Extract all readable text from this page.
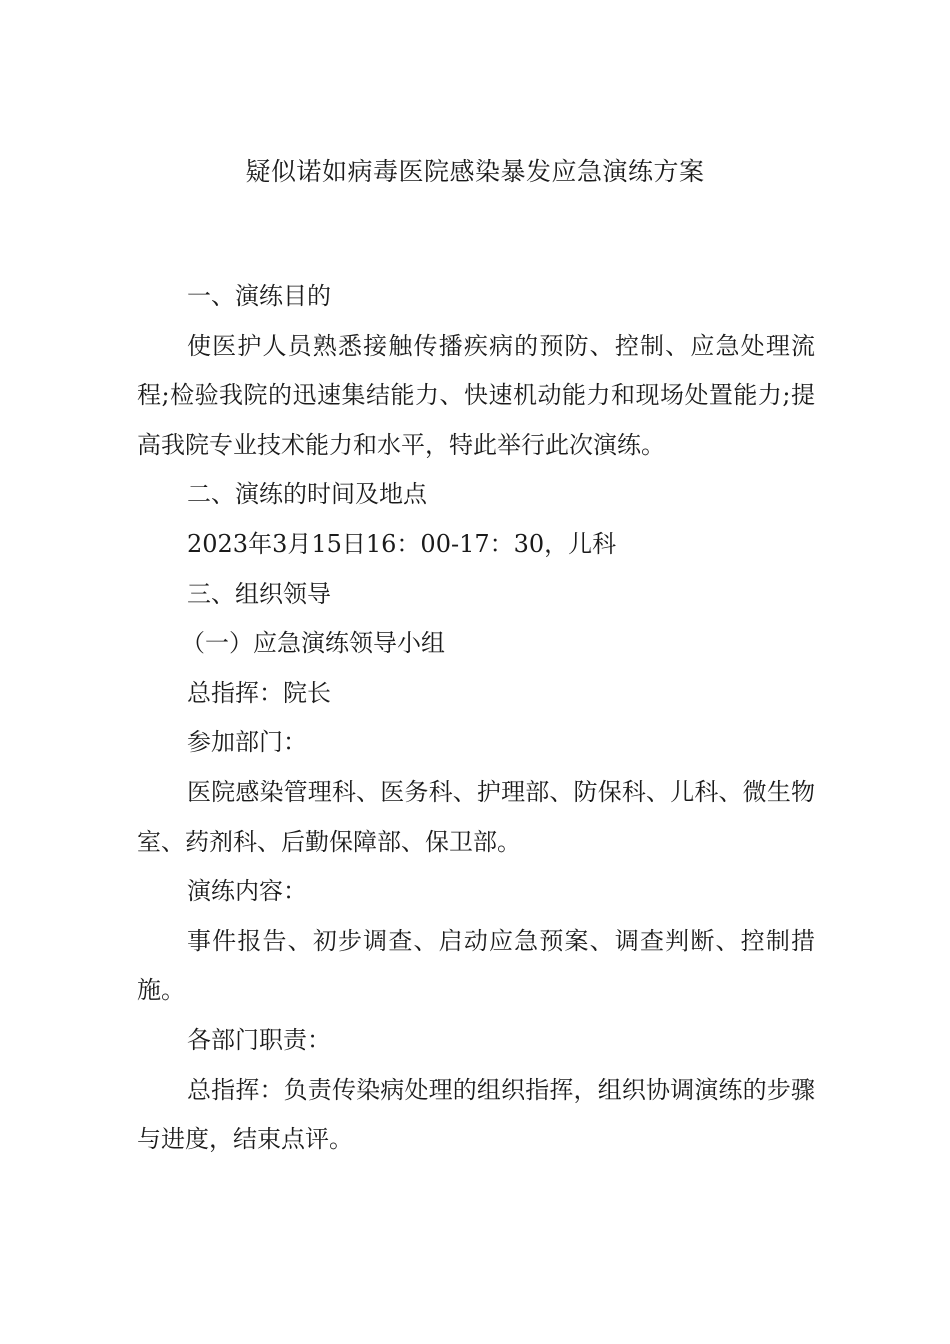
疑似诺如病毒医院感染暴发应急演练方案

一、演练目的

使医护人员熟悉接触传播疾病的预防、控制、应急处理流程;检验我院的迅速集结能力、快速机动能力和现场处置能力;提高我院专业技术能力和水平，特此举行此次演练。

二、演练的时间及地点

2023年3月15日16：00-17：30，儿科

三、组织领导

（一）应急演练领导小组

总指挥：院长

参加部门：

医院感染管理科、医务科、护理部、防保科、儿科、微生物室、药剂科、后勤保障部、保卫部。

演练内容：

事件报告、初步调查、启动应急预案、调查判断、控制措施。

各部门职责：

总指挥：负责传染病处理的组织指挥，组织协调演练的步骤与进度，结束点评。
